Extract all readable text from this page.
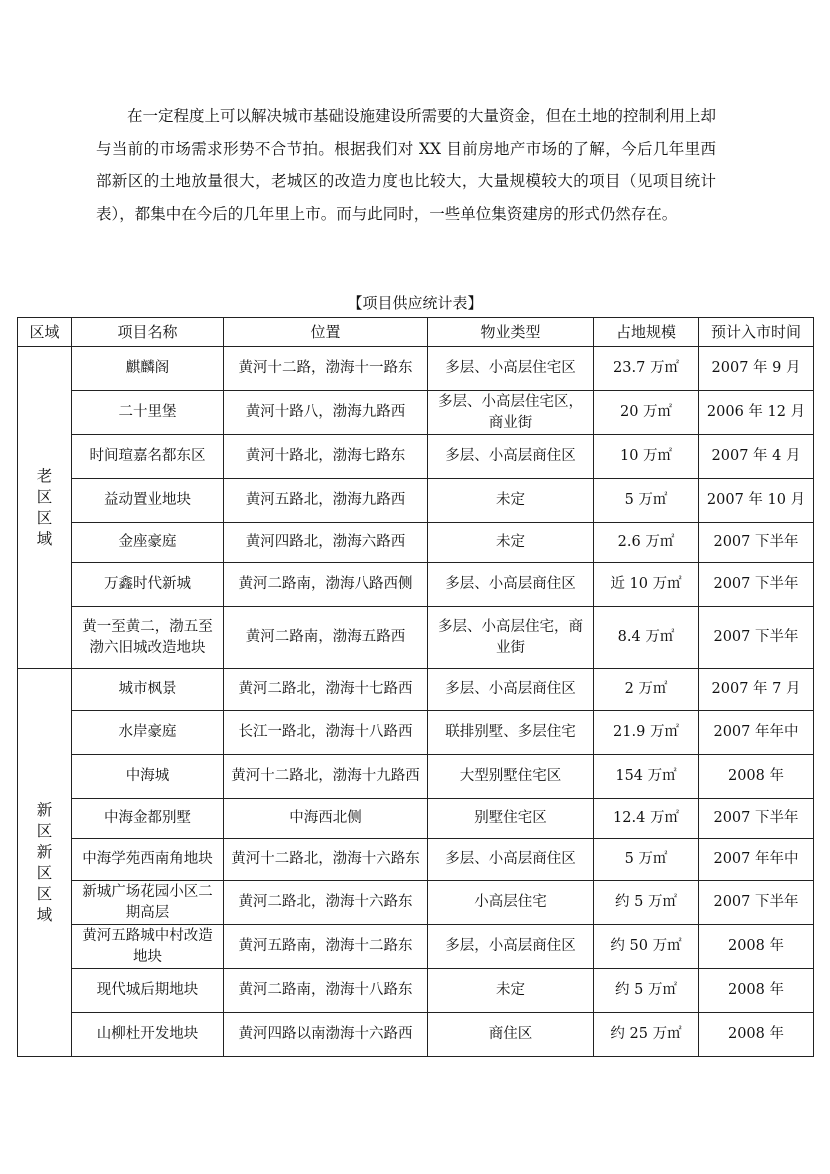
在一定程度上可以解决城市基础设施建设所需要的大量资金，但在土地的控制利用上却与当前的市场需求形势不合节拍。根据我们对 XX 目前房地产市场的了解，今后几年里西部新区的土地放量很大，老城区的改造力度也比较大，大量规模较大的项目（见项目统计表），都集中在今后的几年里上市。而与此同时，一些单位集资建房的形式仍然存在。

【项目供应统计表】
区域	项目名称	位置	物业类型	占地规模	预计入市时间
老区区域	麒麟阁	黄河十二路，渤海十一路东	多层、小高层住宅区	23.7 万㎡	2007 年 9 月
	二十里堡	黄河十路八，渤海九路西	多层、小高层住宅区，商业街	20 万㎡	2006 年 12 月
	时间瑄嘉名都东区	黄河十路北，渤海七路东	多层、小高层商住区	10 万㎡	2007 年 4 月
	益动置业地块	黄河五路北，渤海九路西	未定	5 万㎡	2007 年 10 月
	金座豪庭	黄河四路北，渤海六路西	未定	2.6 万㎡	2007 下半年
	万鑫时代新城	黄河二路南，渤海八路西侧	多层、小高层商住区	近 10 万㎡	2007 下半年
	黄一至黄二，渤五至渤六旧城改造地块	黄河二路南，渤海五路西	多层、小高层住宅，商业街	8.4 万㎡	2007 下半年
新区新区区域	城市枫景	黄河二路北，渤海十七路西	多层、小高层商住区	2 万㎡	2007 年 7 月
	水岸豪庭	长江一路北，渤海十八路西	联排别墅、多层住宅	21.9 万㎡	2007 年年中
	中海城	黄河十二路北，渤海十九路西	大型别墅住宅区	154 万㎡	2008 年
	中海金都别墅	中海西北侧	别墅住宅区	12.4 万㎡	2007 下半年
	中海学苑西南角地块	黄河十二路北，渤海十六路东	多层、小高层商住区	5 万㎡	2007 年年中
	新城广场花园小区二期高层	黄河二路北，渤海十六路东	小高层住宅	约 5 万㎡	2007 下半年
	黄河五路城中村改造地块	黄河五路南，渤海十二路东	多层，小高层商住区	约 50 万㎡	2008 年
	现代城后期地块	黄河二路南，渤海十八路东	未定	约 5 万㎡	2008 年
	山柳杜开发地块	黄河四路以南渤海十六路西	商住区	约 25 万㎡	2008 年
